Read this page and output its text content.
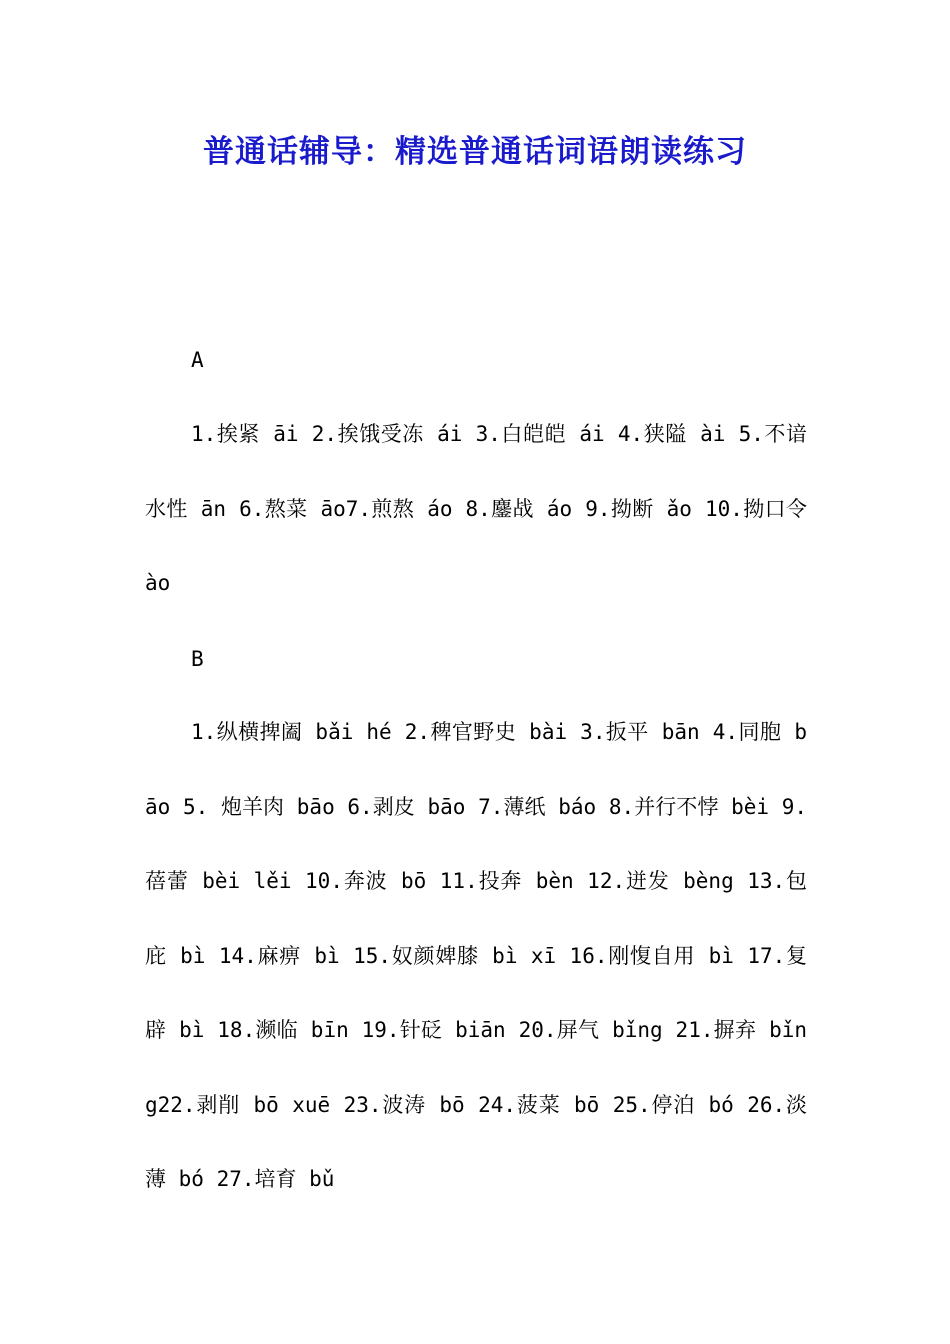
普通话辅导：精选普通话词语朗读练习
A

1.挨紧 āi 2.挨饿受冻 ái 3.白皑皑 ái 4.狭隘 ài 5.不谙水性 ān 6.熬菜 āo7.煎熬 áo 8.鏖战 áo 9.拗断 ǎo 10.拗口令 ào

B

1.纵横捭阖 bǎi hé 2.稗官野史 bài 3.扳平 bān 4.同胞 bāo 5. 炮羊肉 bāo 6.剥皮 bāo 7.薄纸 báo 8.并行不悖 bèi 9.蓓蕾 bèi lěi 10.奔波 bō 11.投奔 bèn 12.迸发 bèng 13.包庇 bì 14.麻痹 bì 15.奴颜婢膝 bì xī 16.刚愎自用 bì 17.复辟 bì 18.濒临 bīn 19.针砭 biān 20.屏气 bǐng 21.摒弃 bǐng22.剥削 bō xuē 23.波涛 bō 24.菠菜 bō 25.停泊 bó 26.淡薄 bó 27.培育 bǔ
